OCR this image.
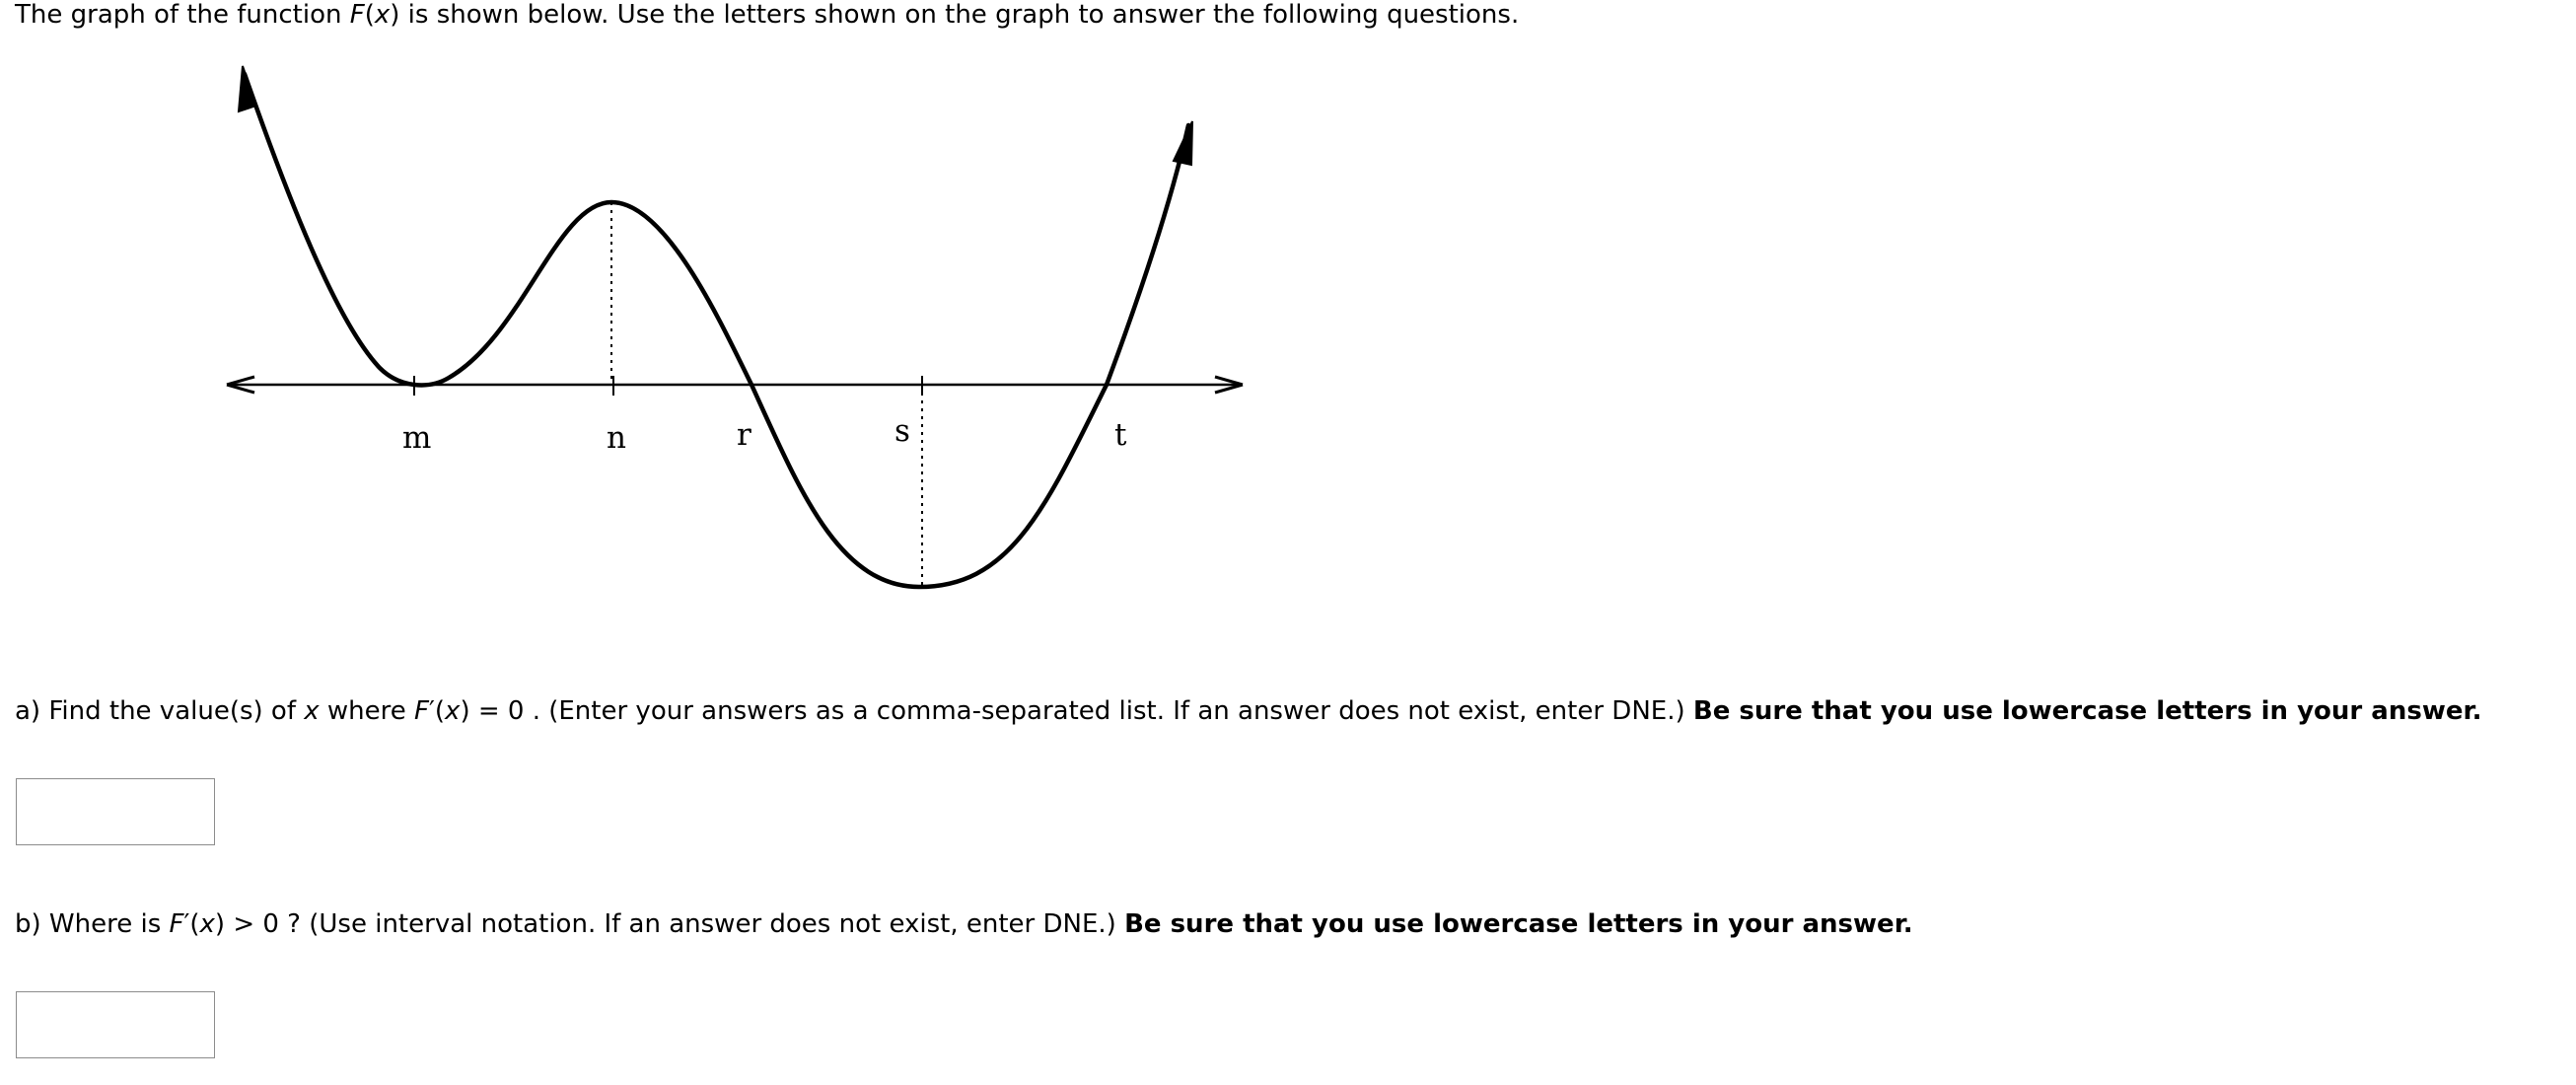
The graph of the function F(x) is shown below. Use the letters shown on the graph to answer the following questions.
m	n	r	s	t
a) Find the value(s) of x where F′(x) = 0 . (Enter your answers as a comma-separated list. If an answer does not exist, enter DNE.) Be sure that you use lowercase letters in your answer.
b) Where is F′(x) > 0 ? (Use interval notation. If an answer does not exist, enter DNE.) Be sure that you use lowercase letters in your answer.
